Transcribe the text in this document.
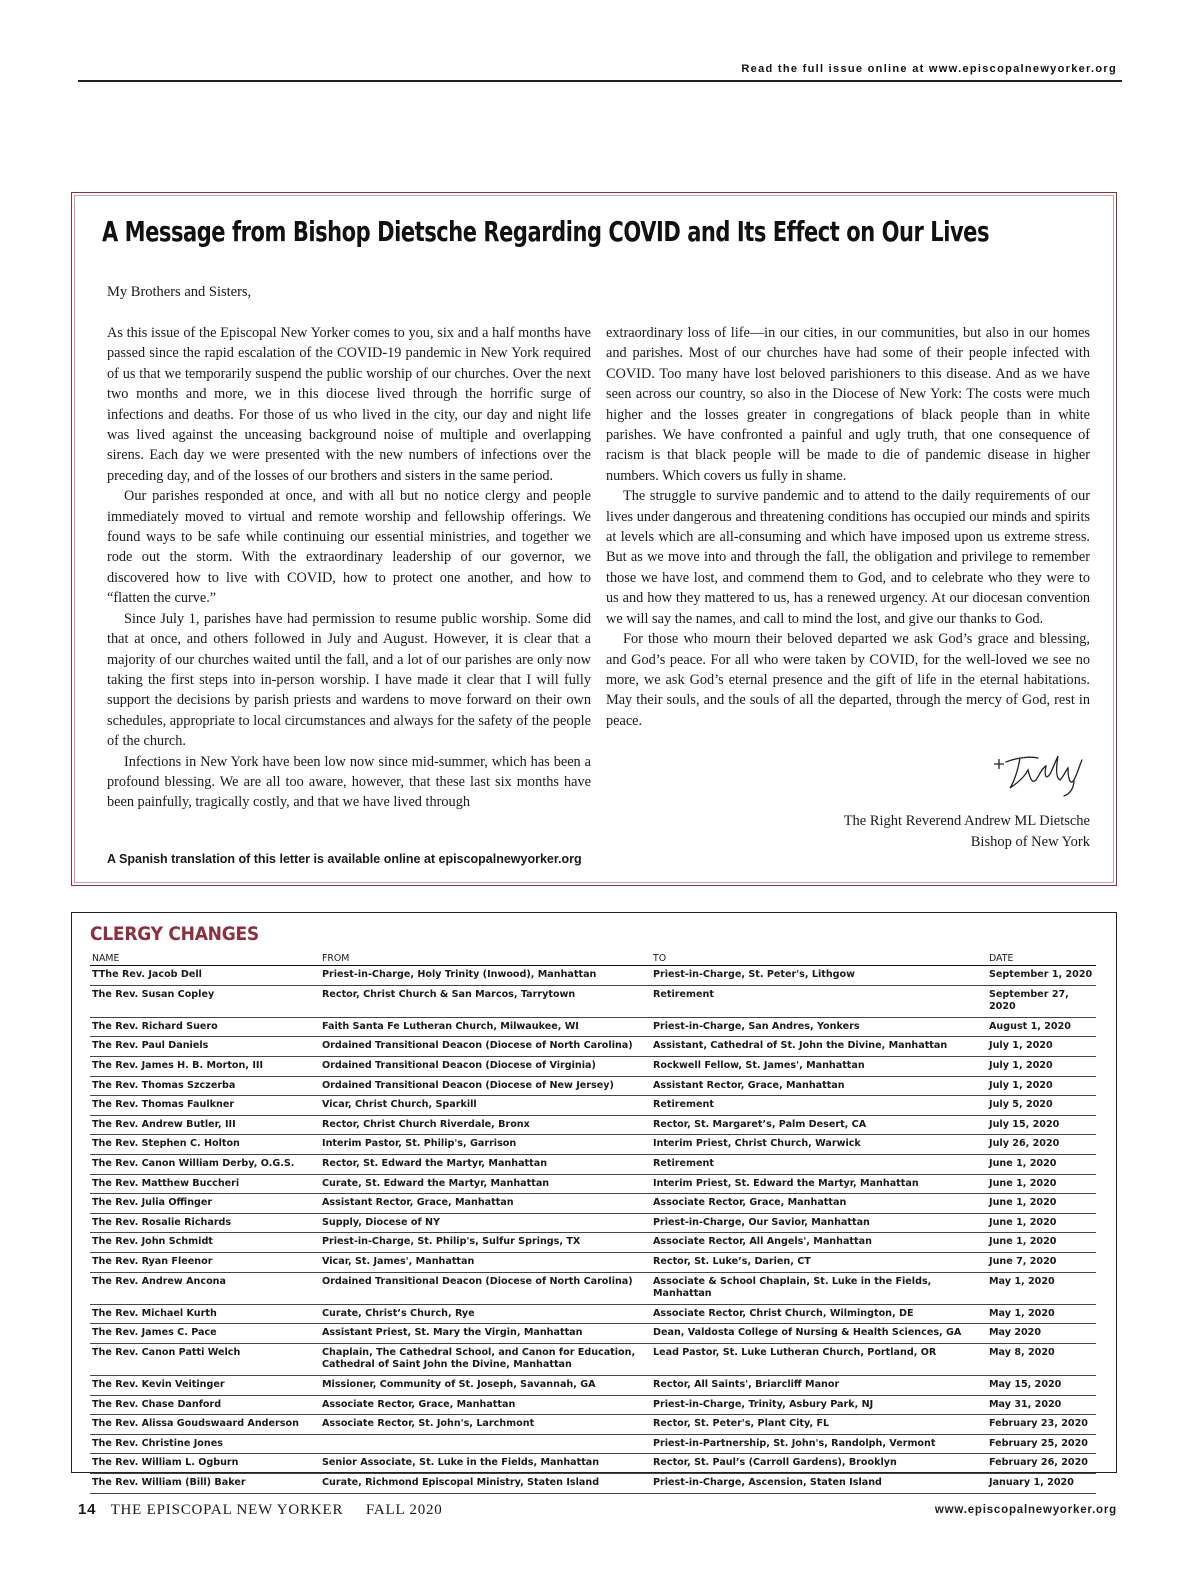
Read the full issue online at www.episcopalnewyorker.org
A Message from Bishop Dietsche Regarding COVID and Its Effect on Our Lives
My Brothers and Sisters,

As this issue of the Episcopal New Yorker comes to you, six and a half months have passed since the rapid escalation of the COVID-19 pandemic in New York required of us that we temporarily suspend the public worship of our churches. Over the next two months and more, we in this diocese lived through the horrific surge of infections and deaths. For those of us who lived in the city, our day and night life was lived against the unceasing background noise of multiple and overlapping sirens. Each day we were presented with the new numbers of infections over the preceding day, and of the losses of our brothers and sisters in the same period.

Our parishes responded at once, and with all but no notice clergy and people immediately moved to virtual and remote worship and fellowship offerings. We found ways to be safe while continuing our essential ministries, and together we rode out the storm. With the extraordinary leadership of our governor, we discovered how to live with COVID, how to protect one another, and how to “flatten the curve.”

Since July 1, parishes have had permission to resume public worship. Some did that at once, and others followed in July and August. However, it is clear that a majority of our churches waited until the fall, and a lot of our parishes are only now taking the first steps into in-person worship. I have made it clear that I will fully support the decisions by parish priests and wardens to move forward on their own schedules, appropriate to local circumstances and always for the safety of the people of the church.

Infections in New York have been low now since mid-summer, which has been a profound blessing. We are all too aware, however, that these last six months have been painfully, tragically costly, and that we have lived through

extraordinary loss of life—in our cities, in our communities, but also in our homes and parishes. Most of our churches have had some of their people infected with COVID. Too many have lost beloved parishioners to this disease. And as we have seen across our country, so also in the Diocese of New York: The costs were much higher and the losses greater in congregations of black people than in white parishes. We have confronted a painful and ugly truth, that one consequence of racism is that black people will be made to die of pandemic disease in higher numbers. Which covers us fully in shame.

The struggle to survive pandemic and to attend to the daily requirements of our lives under dangerous and threatening conditions has occupied our minds and spirits at levels which are all-consuming and which have imposed upon us extreme stress. But as we move into and through the fall, the obligation and privilege to remember those we have lost, and commend them to God, and to celebrate who they were to us and how they mattered to us, has a renewed urgency. At our diocesan convention we will say the names, and call to mind the lost, and give our thanks to God.

For those who mourn their beloved departed we ask God’s grace and blessing, and God’s peace. For all who were taken by COVID, for the well-loved we see no more, we ask God’s eternal presence and the gift of life in the eternal habitations. May their souls, and the souls of all the departed, through the mercy of God, rest in peace.

The Right Reverend Andrew ML Dietsche
Bishop of New York
A Spanish translation of this letter is available online at episcopalnewyorker.org
CLERGY CHANGES
NAME	FROM	TO	DATE
TThe Rev. Jacob Dell	Priest-in-Charge, Holy Trinity (Inwood), Manhattan	Priest-in-Charge, St. Peter's, Lithgow	September 1, 2020
The Rev. Susan Copley	Rector, Christ Church & San Marcos, Tarrytown	Retirement	September 27, 2020
The Rev. Richard Suero	Faith Santa Fe Lutheran Church, Milwaukee, WI	Priest-in-Charge, San Andres, Yonkers	August 1, 2020
The Rev. Paul Daniels	Ordained Transitional Deacon (Diocese of North Carolina)	Assistant, Cathedral of St. John the Divine, Manhattan	July 1, 2020
The Rev. James H. B. Morton, III	Ordained Transitional Deacon (Diocese of Virginia)	Rockwell Fellow, St. James', Manhattan	July 1, 2020
The Rev. Thomas Szczerba	Ordained Transitional Deacon (Diocese of New Jersey)	Assistant Rector, Grace, Manhattan	July 1, 2020
The Rev. Thomas Faulkner	Vicar, Christ Church, Sparkill	Retirement	July 5, 2020
The Rev. Andrew Butler, III	Rector, Christ Church Riverdale, Bronx	Rector, St. Margaret’s, Palm Desert, CA	July 15, 2020
The Rev. Stephen C. Holton	Interim Pastor, St. Philip's, Garrison	Interim Priest, Christ Church, Warwick	July 26, 2020
The Rev. Canon William Derby, O.G.S.	Rector, St. Edward the Martyr, Manhattan	Retirement	June 1, 2020
The Rev. Matthew Buccheri	Curate, St. Edward the Martyr, Manhattan	Interim Priest, St. Edward the Martyr, Manhattan	June 1, 2020
The Rev. Julia Offinger	Assistant Rector, Grace, Manhattan	Associate Rector, Grace, Manhattan	June 1, 2020
The Rev. Rosalie Richards	Supply, Diocese of NY	Priest-in-Charge, Our Savior, Manhattan	June 1, 2020
The Rev. John Schmidt	Priest-in-Charge, St. Philip's, Sulfur Springs, TX	Associate Rector, All Angels', Manhattan	June 1, 2020
The Rev. Ryan Fleenor	Vicar, St. James', Manhattan	Rector, St. Luke’s, Darien, CT	June 7, 2020
The Rev. Andrew Ancona	Ordained Transitional Deacon (Diocese of North Carolina)	Associate & School Chaplain, St. Luke in the Fields, Manhattan	May 1, 2020
The Rev. Michael Kurth	Curate, Christ’s Church, Rye	Associate Rector, Christ Church, Wilmington, DE	May 1, 2020
The Rev. James C. Pace	Assistant Priest, St. Mary the Virgin, Manhattan	Dean, Valdosta College of Nursing & Health Sciences, GA	May 2020
The Rev. Canon Patti Welch	Chaplain, The Cathedral School, and Canon for Education, Cathedral of Saint John the Divine, Manhattan	Lead Pastor, St. Luke Lutheran Church, Portland, OR	May 8, 2020
The Rev. Kevin Veitinger	Missioner, Community of St. Joseph, Savannah, GA	Rector, All Saints', Briarcliff Manor	May 15, 2020
The Rev. Chase Danford	Associate Rector, Grace, Manhattan	Priest-in-Charge, Trinity, Asbury Park, NJ	May 31, 2020
The Rev. Alissa Goudswaard Anderson	Associate Rector, St. John's, Larchmont	Rector, St. Peter's, Plant City, FL	February 23, 2020
The Rev. Christine Jones		Priest-in-Partnership, St. John's, Randolph, Vermont	February 25, 2020
The Rev. William L. Ogburn	Senior Associate, St. Luke in the Fields, Manhattan	Rector, St. Paul’s (Carroll Gardens), Brooklyn	February 26, 2020
The Rev. William (Bill) Baker	Curate, Richmond Episcopal Ministry, Staten Island	Priest-in-Charge, Ascension, Staten Island	January 1, 2020
14 THE EPISCOPAL NEW YORKER FALL 2020	www.episcopalnewyorker.org
